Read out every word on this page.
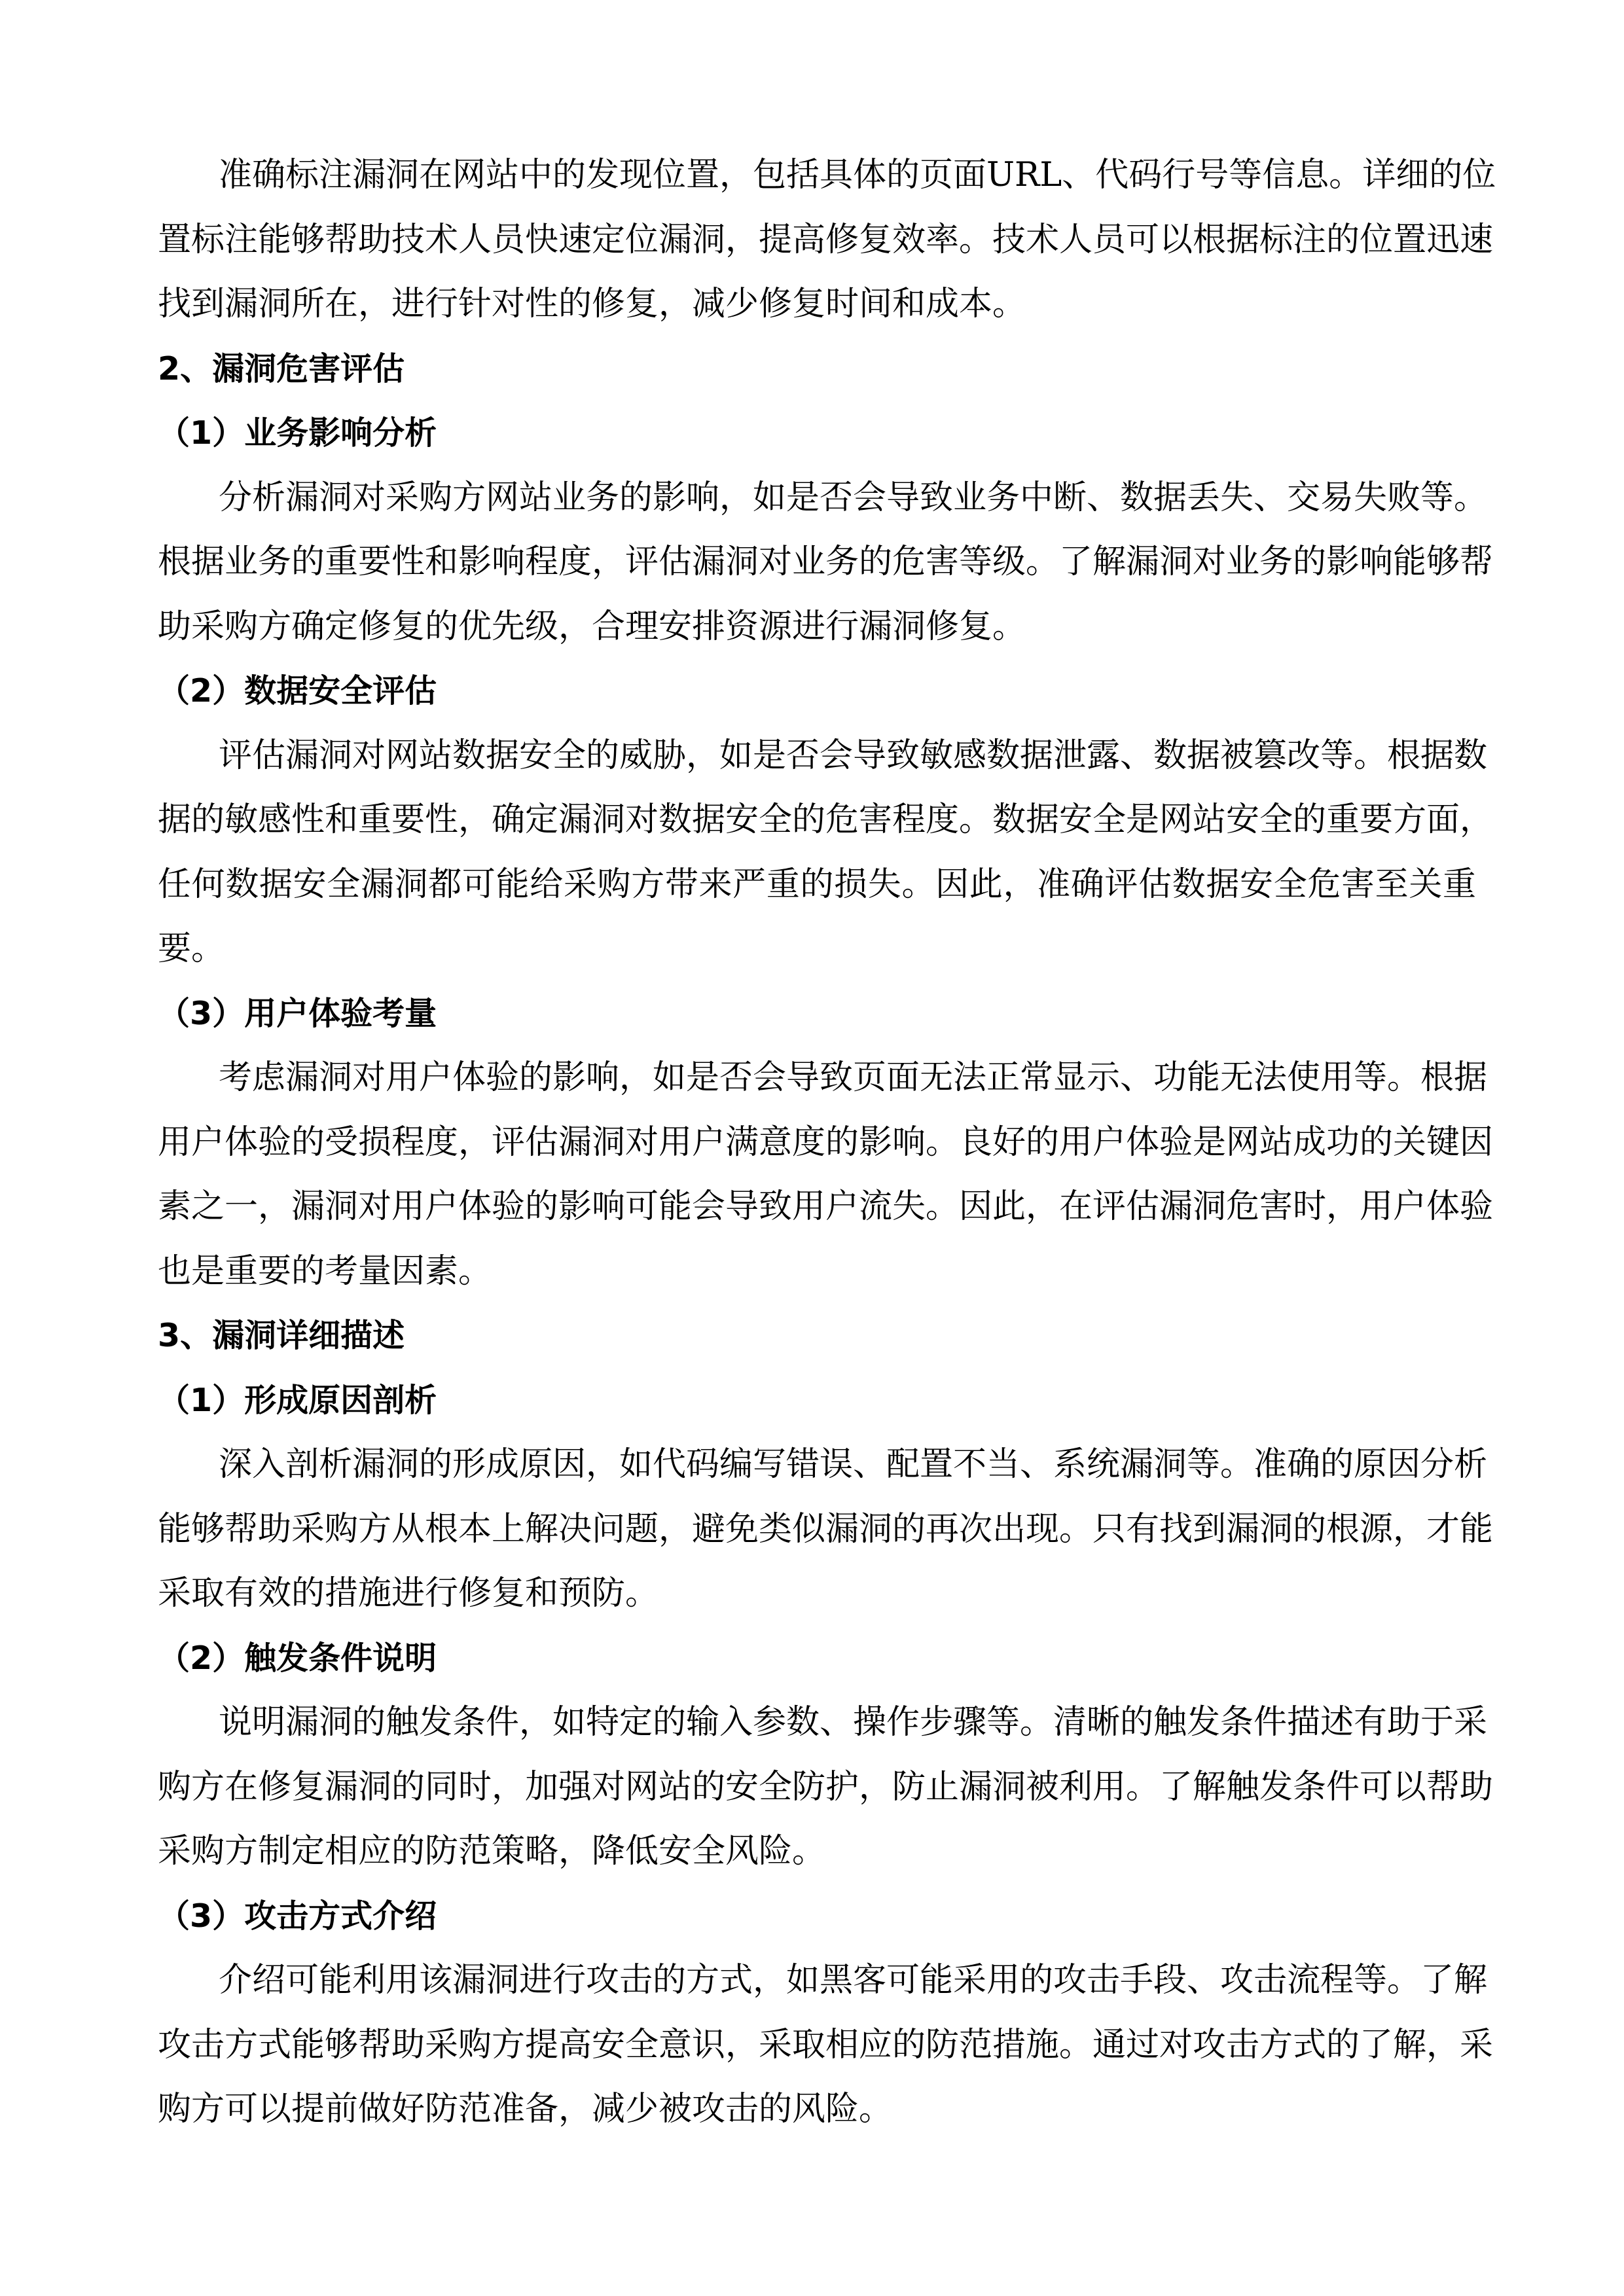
准确标注漏洞在网站中的发现位置，包括具体的页面URL、代码行号等信息。详细的位
置标注能够帮助技术人员快速定位漏洞，提高修复效率。技术人员可以根据标注的位置迅速
找到漏洞所在，进行针对性的修复，减少修复时间和成本。
2、漏洞危害评估
（1）业务影响分析
分析漏洞对采购方网站业务的影响，如是否会导致业务中断、数据丢失、交易失败等。
根据业务的重要性和影响程度，评估漏洞对业务的危害等级。了解漏洞对业务的影响能够帮
助采购方确定修复的优先级，合理安排资源进行漏洞修复。
（2）数据安全评估
评估漏洞对网站数据安全的威胁，如是否会导致敏感数据泄露、数据被篡改等。根据数
据的敏感性和重要性，确定漏洞对数据安全的危害程度。数据安全是网站安全的重要方面，
任何数据安全漏洞都可能给采购方带来严重的损失。因此，准确评估数据安全危害至关重
要。
（3）用户体验考量
考虑漏洞对用户体验的影响，如是否会导致页面无法正常显示、功能无法使用等。根据
用户体验的受损程度，评估漏洞对用户满意度的影响。良好的用户体验是网站成功的关键因
素之一，漏洞对用户体验的影响可能会导致用户流失。因此，在评估漏洞危害时，用户体验
也是重要的考量因素。
3、漏洞详细描述
（1）形成原因剖析
深入剖析漏洞的形成原因，如代码编写错误、配置不当、系统漏洞等。准确的原因分析
能够帮助采购方从根本上解决问题，避免类似漏洞的再次出现。只有找到漏洞的根源，才能
采取有效的措施进行修复和预防。
（2）触发条件说明
说明漏洞的触发条件，如特定的输入参数、操作步骤等。清晰的触发条件描述有助于采
购方在修复漏洞的同时，加强对网站的安全防护，防止漏洞被利用。了解触发条件可以帮助
采购方制定相应的防范策略，降低安全风险。
（3）攻击方式介绍
介绍可能利用该漏洞进行攻击的方式，如黑客可能采用的攻击手段、攻击流程等。了解
攻击方式能够帮助采购方提高安全意识，采取相应的防范措施。通过对攻击方式的了解，采
购方可以提前做好防范准备，减少被攻击的风险。
